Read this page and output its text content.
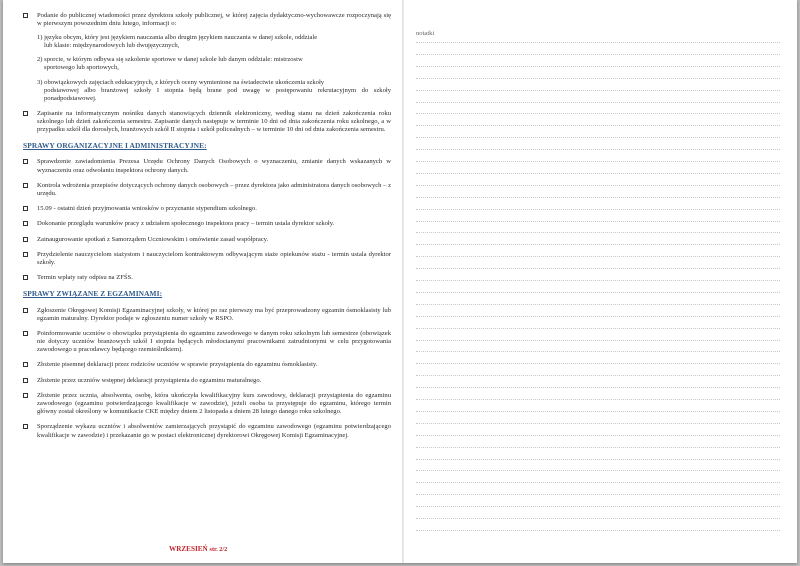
Podanie do publicznej wiadomości przez dyrektora szkoły publicznej, w której zajęcia dydaktyczno-wychowawcze rozpoczynają się w pierwszym powszednim dniu lutego, informacji o:
1) języku obcym, który jest językiem nauczania albo drugim językiem nauczania w danej szkole, oddziale
lub klasie: międzynarodowych lub dwujęzycznych,
2) sporcie, w którym odbywa się szkolenie sportowe w danej szkole lub danym oddziale: mistrzostw
sportowego lub sportowych,
3) obowiązkowych zajęciach edukacyjnych, z których oceny wymienione na świadectwie ukończenia szkoły
podstawowej albo branżowej szkoły I stopnia będą brane pod uwagę w postępowaniu rekrutacyjnym do szkoły ponadpodstawowej.
Zapisanie na informatycznym nośniku danych stanowiących dziennik elektroniczny, według stanu na dzień zakończenia roku szkolnego lub dzień zakończenia semestru. Zapisanie danych następuje w terminie 10 dni od dnia zakończenia roku szkolnego, a w przypadku szkół dla dorosłych, branżowych szkół II stopnia i szkół policealnych – w terminie 10 dni od dnia zakończenia semestru.
SPRAWY ORGANIZACYJNE I ADMINISTRACYJNE:
Sprawdzenie zawiadomienia Prezesa Urzędu Ochrony Danych Osobowych o wyznaczeniu, zmianie danych wskazanych w wyznaczeniu oraz odwołaniu inspektora ochrony danych.
Kontrola wdrożenia przepisów dotyczących ochrony danych osobowych – przez dyrektora jako administratora danych osobowych – z urzędu.
15.09 - ostatni dzień przyjmowania wniosków o przyznanie stypendium szkolnego.
Dokonanie przeglądu warunków pracy z udziałem społecznego inspektora pracy – termin ustala dyrektor szkoły.
Zainaugurowanie spotkań z Samorządem Uczniowskim i omówienie zasad współpracy.
Przydzielenie nauczycielom stażystom i nauczycielom kontraktowym odbywającym staże opiekunów stażu - termin ustala dyrektor szkoły.
Termin wpłaty raty odpisu na ZFŚS.
SPRAWY ZWIĄZANE Z EGZAMINAMI:
Zgłoszenie Okręgowej Komisji Egzaminacyjnej szkoły, w której po raz pierwszy ma być przeprowadzony egzamin ósmoklasisty lub egzamin maturalny. Dyrektor podaje w zgłoszeniu numer szkoły w RSPO.
Poinformowanie uczniów o obowiązku przystąpienia do egzaminu zawodowego w danym roku szkolnym lub semestrze (obowiązek nie dotyczy uczniów branżowych szkół I stopnia będących młodocianymi pracownikami zatrudnionymi w celu przygotowania zawodowego u pracodawcy będącego rzemieślnikiem).
Złożenie pisemnej deklaracji przez rodziców uczniów w sprawie przystąpienia do egzaminu ósmoklasisty.
Złożenie przez uczniów wstępnej deklaracji przystąpienia do egzaminu maturalnego.
Złożenie przez ucznia, absolwenta, osobę, która ukończyła kwalifikacyjny kurs zawodowy, deklaracji przystąpienia do egzaminu zawodowego (egzaminu potwierdzającego kwalifikacje w zawodzie), jeżeli osoba ta przystępuje do egzaminu, którego termin główny został określony w komunikacie CKE między dniem 2 listopada a dniem 28 lutego danego roku szkolnego.
Sporządzenie wykazu uczniów i absolwentów zamierzających przystąpić do egzaminu zawodowego (egzaminu potwierdzającego kwalifikacje w zawodzie) i przekazanie go w postaci elektronicznej dyrektorowi Okręgowej Komisji Egzaminacyjnej.
WRZESIEŃ str. 2/2
notatki
